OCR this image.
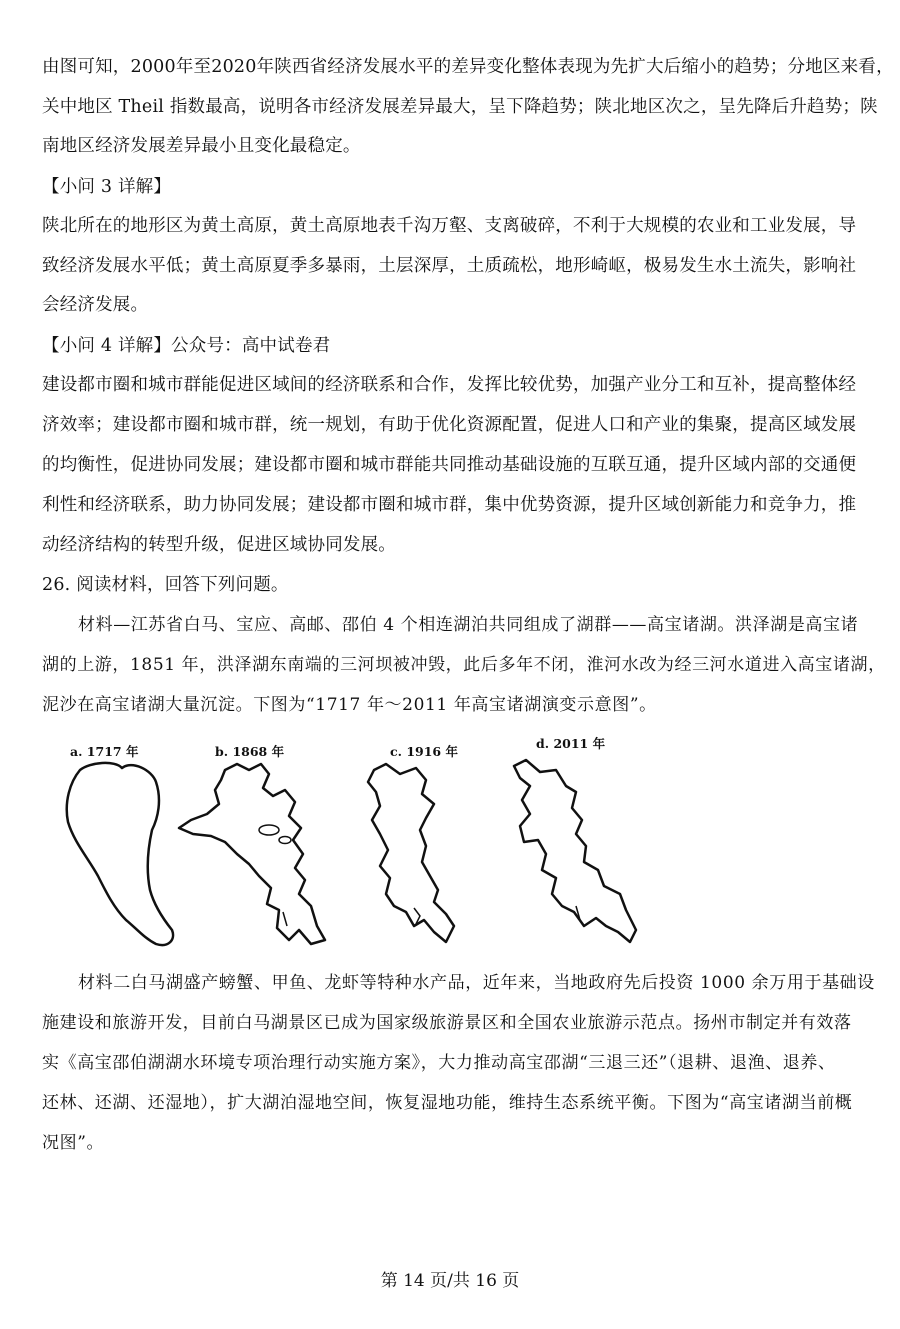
由图可知，2000年至2020年陕西省经济发展水平的差异变化整体表现为先扩大后缩小的趋势；分地区来看，
关中地区 Theil 指数最高，说明各市经济发展差异最大，呈下降趋势；陕北地区次之，呈先降后升趋势；陕
南地区经济发展差异最小且变化最稳定。
【小问 3 详解】
陕北所在的地形区为黄土高原，黄土高原地表千沟万壑、支离破碎，不利于大规模的农业和工业发展，导
致经济发展水平低；黄土高原夏季多暴雨，土层深厚，土质疏松，地形崎岖，极易发生水土流失，影响社
会经济发展。
【小问 4 详解】公众号：高中试卷君
建设都市圈和城市群能促进区域间的经济联系和合作，发挥比较优势，加强产业分工和互补，提高整体经
济效率；建设都市圈和城市群，统一规划，有助于优化资源配置，促进人口和产业的集聚，提高区域发展
的均衡性，促进协同发展；建设都市圈和城市群能共同推动基础设施的互联互通，提升区域内部的交通便
利性和经济联系，助力协同发展；建设都市圈和城市群，集中优势资源，提升区域创新能力和竞争力，推
动经济结构的转型升级，促进区域协同发展。
26. 阅读材料，回答下列问题。
材料—江苏省白马、宝应、高邮、邵伯 4 个相连湖泊共同组成了湖群——高宝诸湖。洪泽湖是高宝诸
湖的上游，1851 年，洪泽湖东南端的三河坝被冲毁，此后多年不闭，淮河水改为经三河水道进入高宝诸湖，
泥沙在高宝诸湖大量沉淀。下图为“1717 年～2011 年高宝诸湖演变示意图”。
a. 1717 年	b. 1868 年	c. 1916 年
d. 2011 年
材料二白马湖盛产螃蟹、甲鱼、龙虾等特种水产品，近年来，当地政府先后投资 1000 余万用于基础设
施建设和旅游开发，目前白马湖景区已成为国家级旅游景区和全国农业旅游示范点。扬州市制定并有效落
实《高宝邵伯湖湖水环境专项治理行动实施方案》，大力推动高宝邵湖“三退三还”（退耕、退渔、退养、
还林、还湖、还湿地），扩大湖泊湿地空间，恢复湿地功能，维持生态系统平衡。下图为“高宝诸湖当前概
况图”。
第 14 页/共 16 页
